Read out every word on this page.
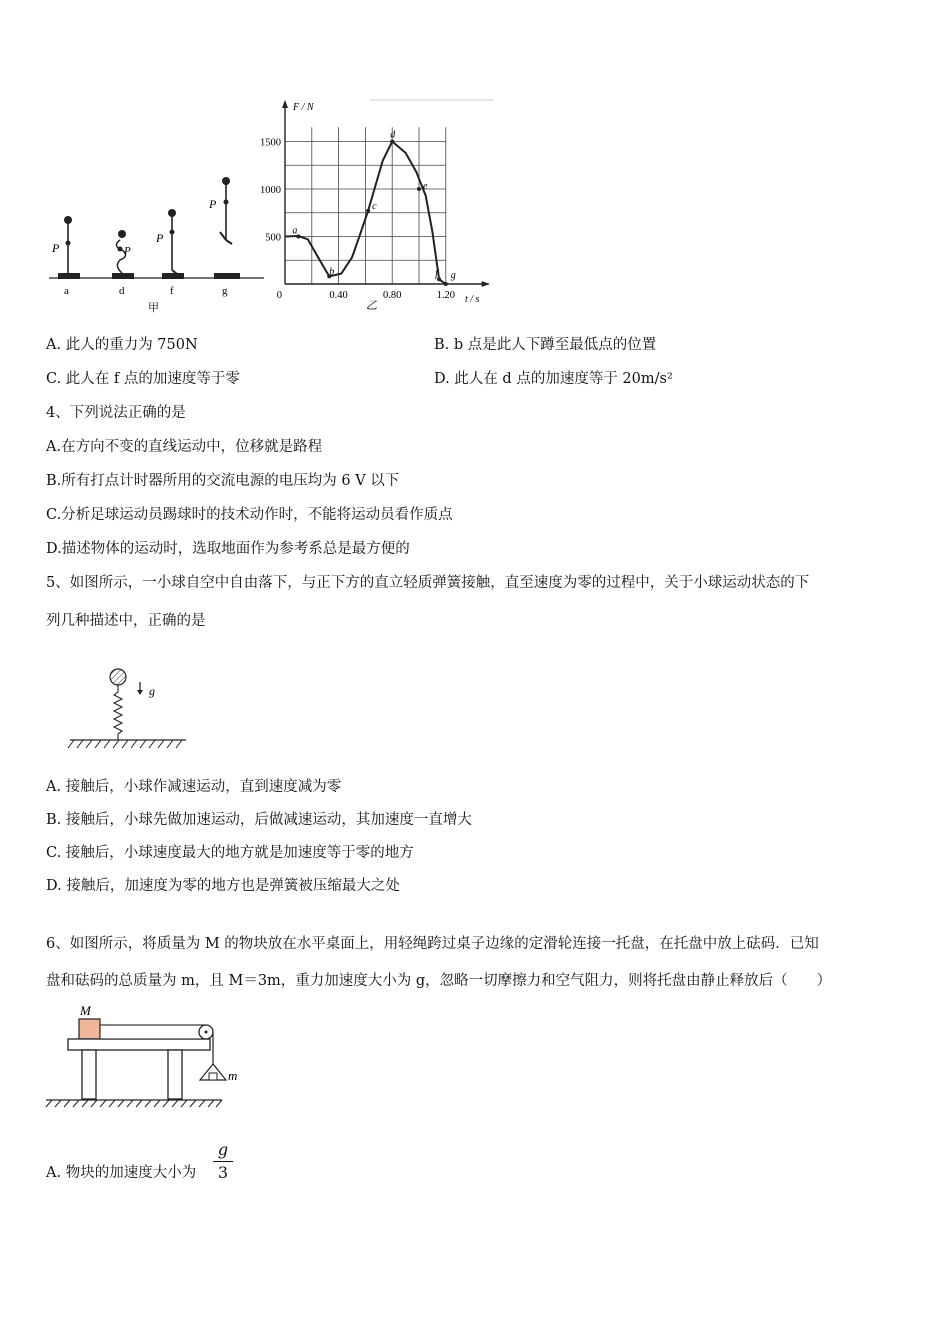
P	P
P
P
a	d	f	g
甲
500
1000
1500
0	0.40	0.80	1.20
a
b
c
d
e
f g
F / N
t / s
乙
A. 此人的重力为 750N	B. b 点是此人下蹲至最低点的位置
C. 此人在 f 点的加速度等于零	D. 此人在 d 点的加速度等于 20m/s²
4、下列说法正确的是
A.在方向不变的直线运动中，位移就是路程
B.所有打点计时器所用的交流电源的电压均为 6 V 以下
C.分析足球运动员踢球时的技术动作时，不能将运动员看作质点
D.描述物体的运动时，选取地面作为参考系总是最方便的
5、如图所示，一小球自空中自由落下，与正下方的直立轻质弹簧接触，直至速度为零的过程中，关于小球运动状态的下
列几种描述中，正确的是
g
A. 接触后，小球作减速运动，直到速度减为零
B. 接触后，小球先做加速运动，后做减速运动，其加速度一直增大
C. 接触后，小球速度最大的地方就是加速度等于零的地方
D. 接触后，加速度为零的地方也是弹簧被压缩最大之处
6、如图所示，将质量为 M 的物块放在水平桌面上，用轻绳跨过桌子边缘的定滑轮连接一托盘，在托盘中放上砝码．已知
盘和砝码的总质量为 m，且 M＝3m，重力加速度大小为 g，忽略一切摩擦力和空气阻力，则将托盘由静止释放后（　　）
M
m
A. 物块的加速度大小为
g
3
